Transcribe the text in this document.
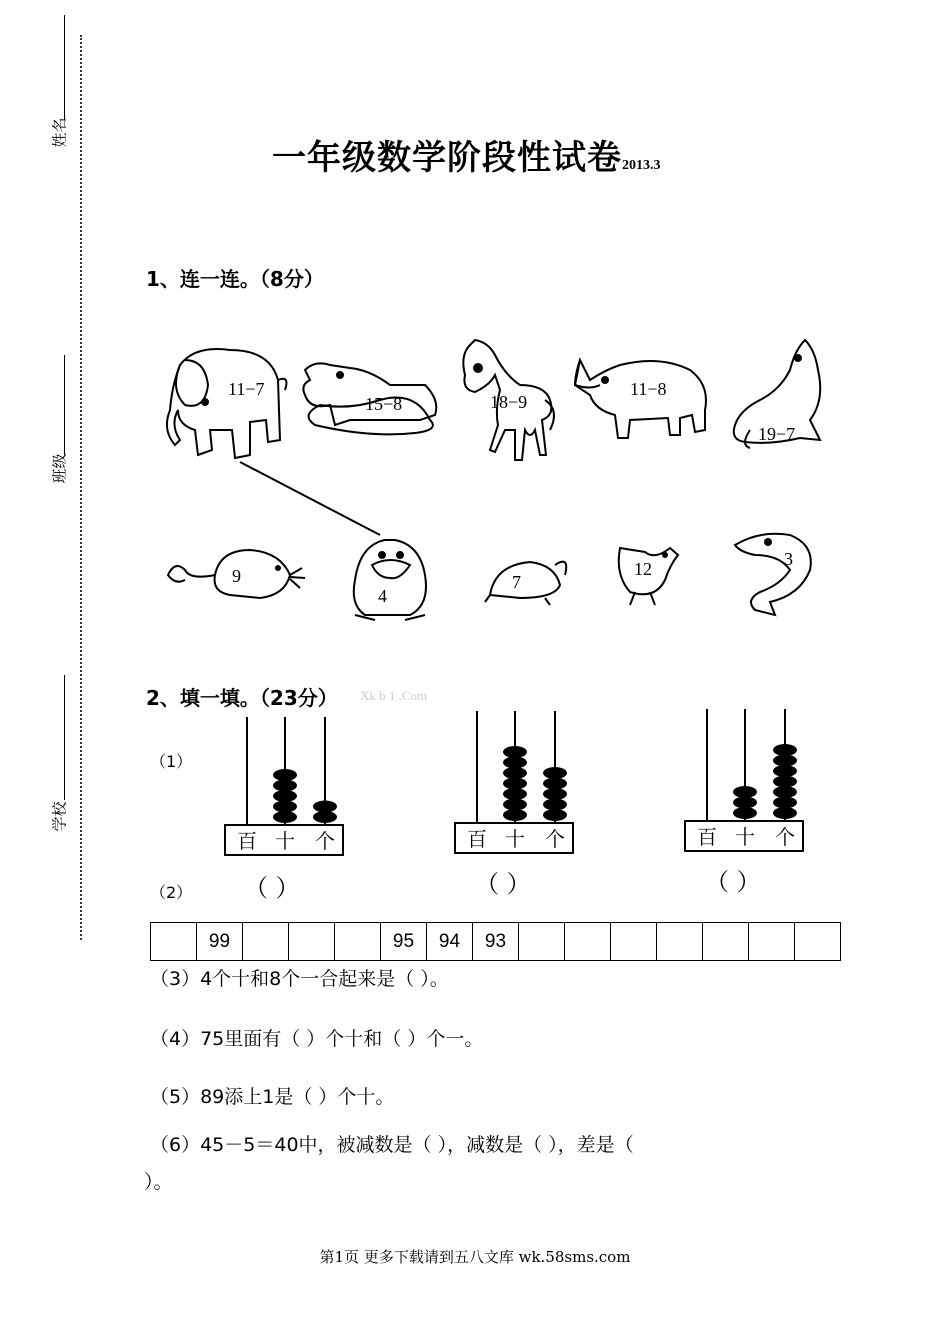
姓名
班级
学校
一年级数学阶段性试卷2013.3
1、连一连。（8分）
11−7
15−8	18−9
11−8
19−7
9
4
7
12	3
2、填一填。（23分） Xk b 1 .Com
（1）
（2）
百 十 个	百 十 个	百 十 个
（ ）	（ ）	（ ）
	99				95	94	93							
（3）4个十和8个一合起来是（ ）。
（4）75里面有（ ）个十和（ ）个一。
（5）89添上1是（ ）个十。
（6）45－5＝40中，被减数是（ ），减数是（ ），差是（
）。
第1页 更多下载请到五八文库 wk.58sms.com
